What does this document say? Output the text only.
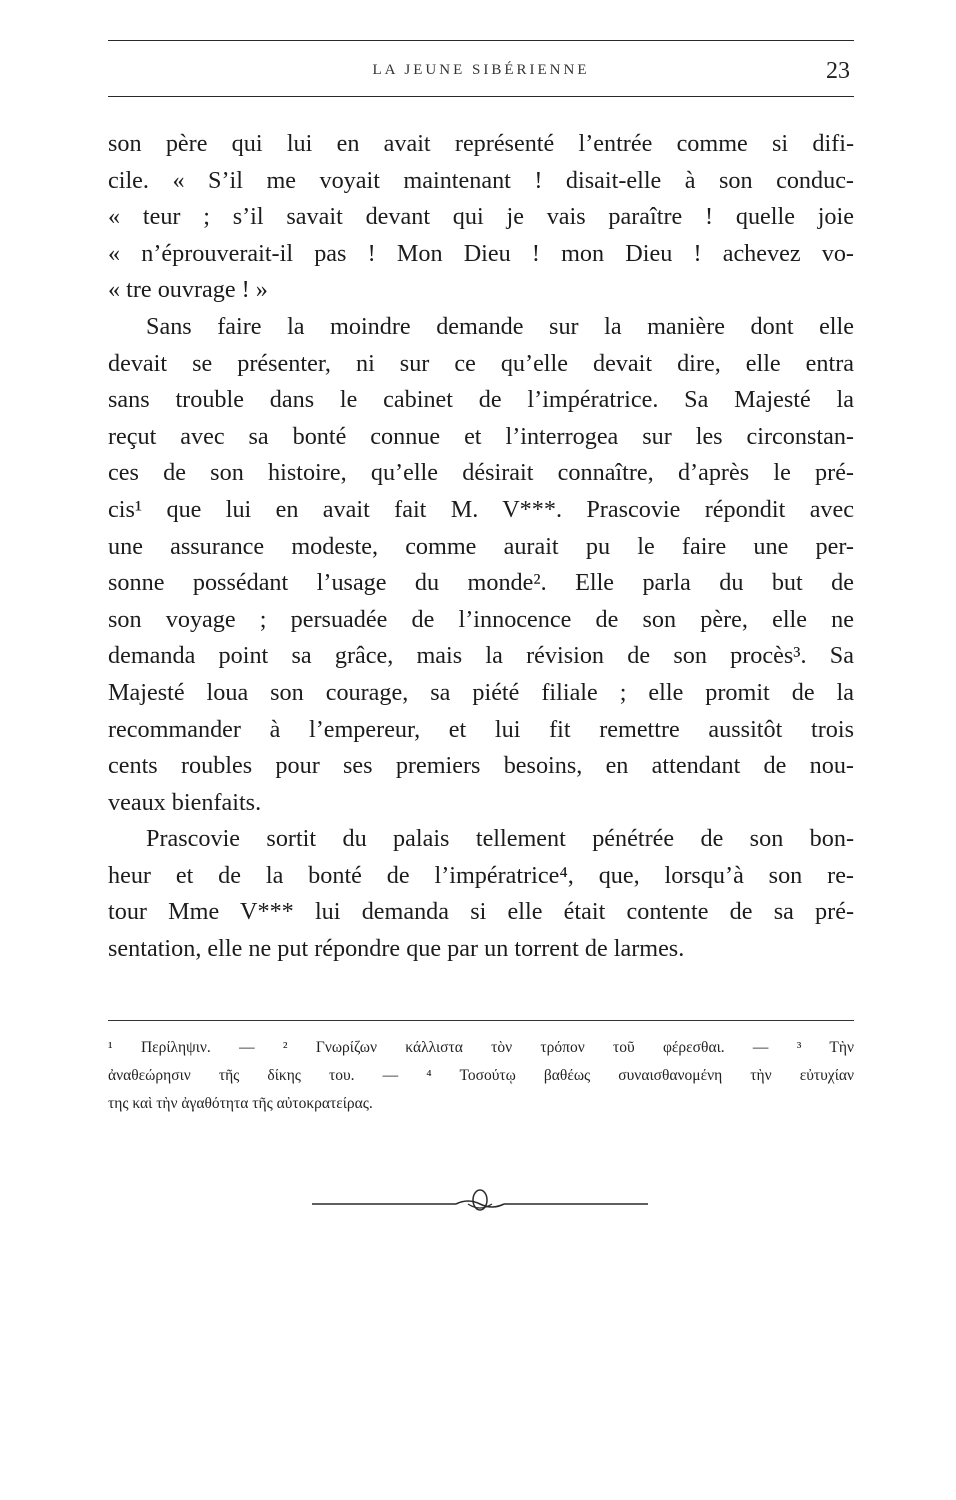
LA JEUNE SIBÉRIENNE	23
son père qui lui en avait représenté l’entrée comme si difi-
cile. « S’il me voyait maintenant ! disait-elle à son conduc-
« teur ; s’il savait devant qui je vais paraître ! quelle joie
« n’éprouverait-il pas ! Mon Dieu ! mon Dieu ! achevez vo-
« tre ouvrage ! »
Sans faire la moindre demande sur la manière dont elle
devait se présenter, ni sur ce qu’elle devait dire, elle entra
sans trouble dans le cabinet de l’impératrice. Sa Majesté la
reçut avec sa bonté connue et l’interrogea sur les circonstan-
ces de son histoire, qu’elle désirait connaître, d’après le pré-
cis¹ que lui en avait fait M. V***. Prascovie répondit avec
une assurance modeste, comme aurait pu le faire une per-
sonne possédant l’usage du monde². Elle parla du but de
son voyage ; persuadée de l’innocence de son père, elle ne
demanda point sa grâce, mais la révision de son procès³. Sa
Majesté loua son courage, sa piété filiale ; elle promit de la
recommander à l’empereur, et lui fit remettre aussitôt trois
cents roubles pour ses premiers besoins, en attendant de nou-
veaux bienfaits.
Prascovie sortit du palais tellement pénétrée de son bon-
heur et de la bonté de l’impératrice⁴, que, lorsqu’à son re-
tour Mme V*** lui demanda si elle était contente de sa pré-
sentation, elle ne put répondre que par un torrent de larmes.
¹ Περίληψιν. — ² Γνωρίζων κάλλιστα τὸν τρόπον τοῦ φέρεσθαι. — ³ Τὴν
ἀναθεώρησιν τῆς δίκης του. — ⁴ Τοσούτῳ βαθέως συναισθανομένη τὴν εὐτυχίαν
της καὶ τὴν ἀγαθότητα τῆς αὐτοκρατείρας.
